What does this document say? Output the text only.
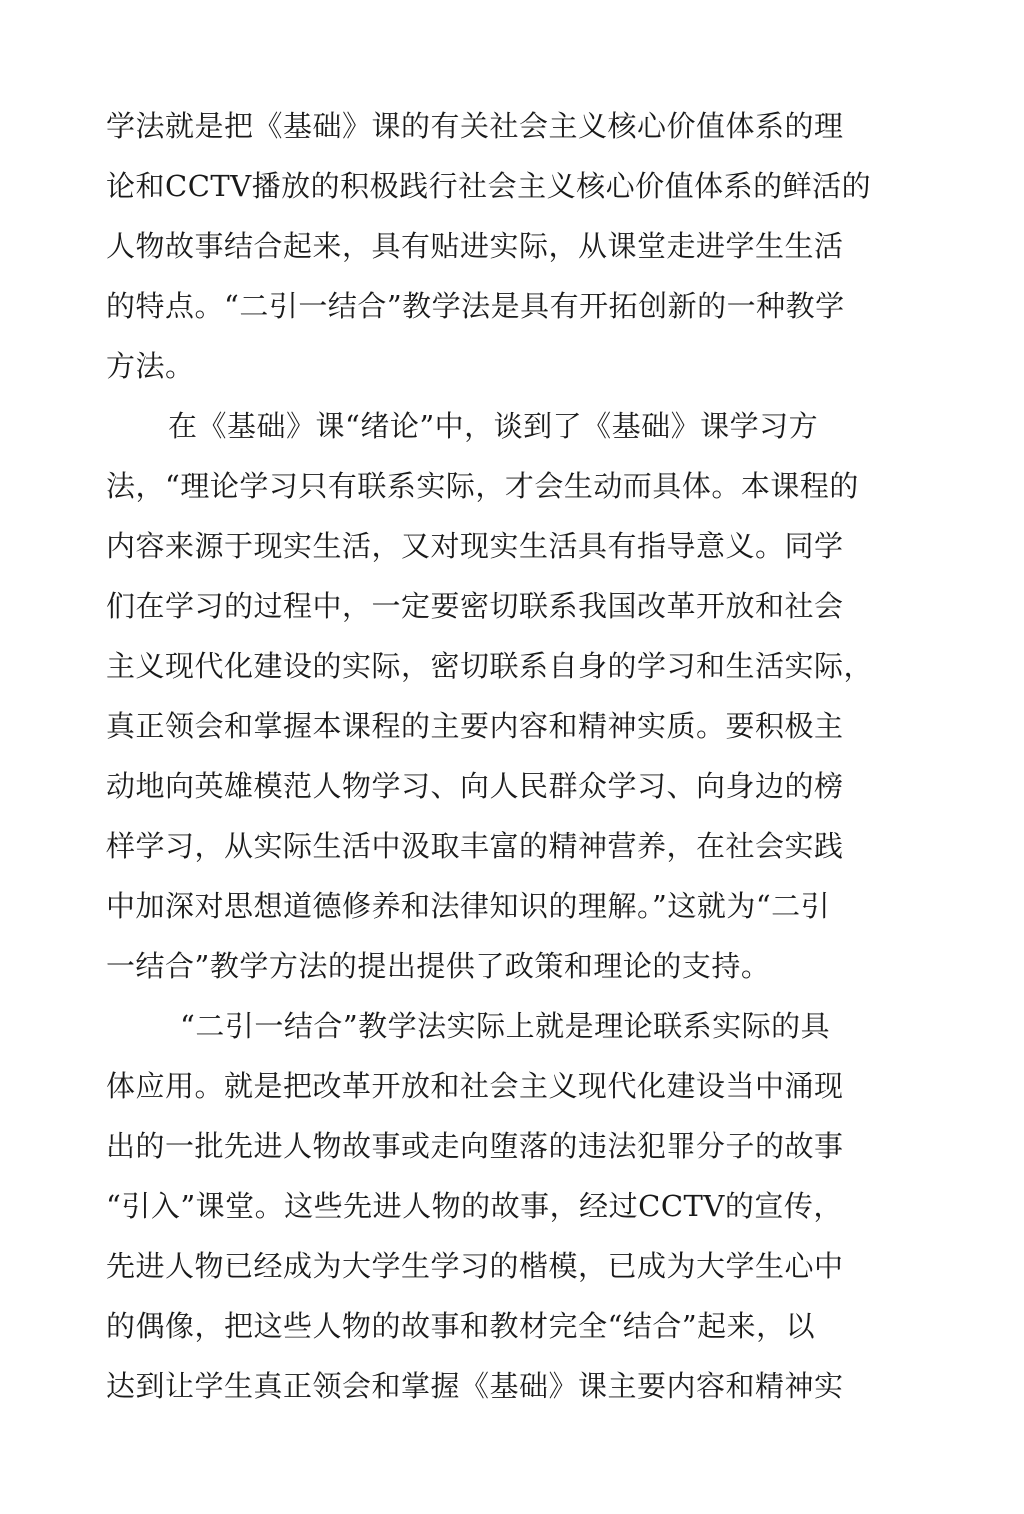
学法就是把《基础》课的有关社会主义核心价值体系的理
论和CCTV播放的积极践行社会主义核心价值体系的鲜活的
人物故事结合起来，具有贴进实际，从课堂走进学生生活
的特点。“二引一结合”教学法是具有开拓创新的一种教学
方法。
在《基础》课“绪论”中，谈到了《基础》课学习方
法，“理论学习只有联系实际，才会生动而具体。本课程的
内容来源于现实生活，又对现实生活具有指导意义。同学
们在学习的过程中，一定要密切联系我国改革开放和社会
主义现代化建设的实际，密切联系自身的学习和生活实际，
真正领会和掌握本课程的主要内容和精神实质。要积极主
动地向英雄模范人物学习、向人民群众学习、向身边的榜
样学习，从实际生活中汲取丰富的精神营养，在社会实践
中加深对思想道德修养和法律知识的理解。”这就为“二引
一结合”教学方法的提出提供了政策和理论的支持。
“二引一结合”教学法实际上就是理论联系实际的具
体应用。就是把改革开放和社会主义现代化建设当中涌现
出的一批先进人物故事或走向堕落的违法犯罪分子的故事
“引入”课堂。这些先进人物的故事，经过CCTV的宣传，
先进人物已经成为大学生学习的楷模，已成为大学生心中
的偶像，把这些人物的故事和教材完全“结合”起来，以
达到让学生真正领会和掌握《基础》课主要内容和精神实
